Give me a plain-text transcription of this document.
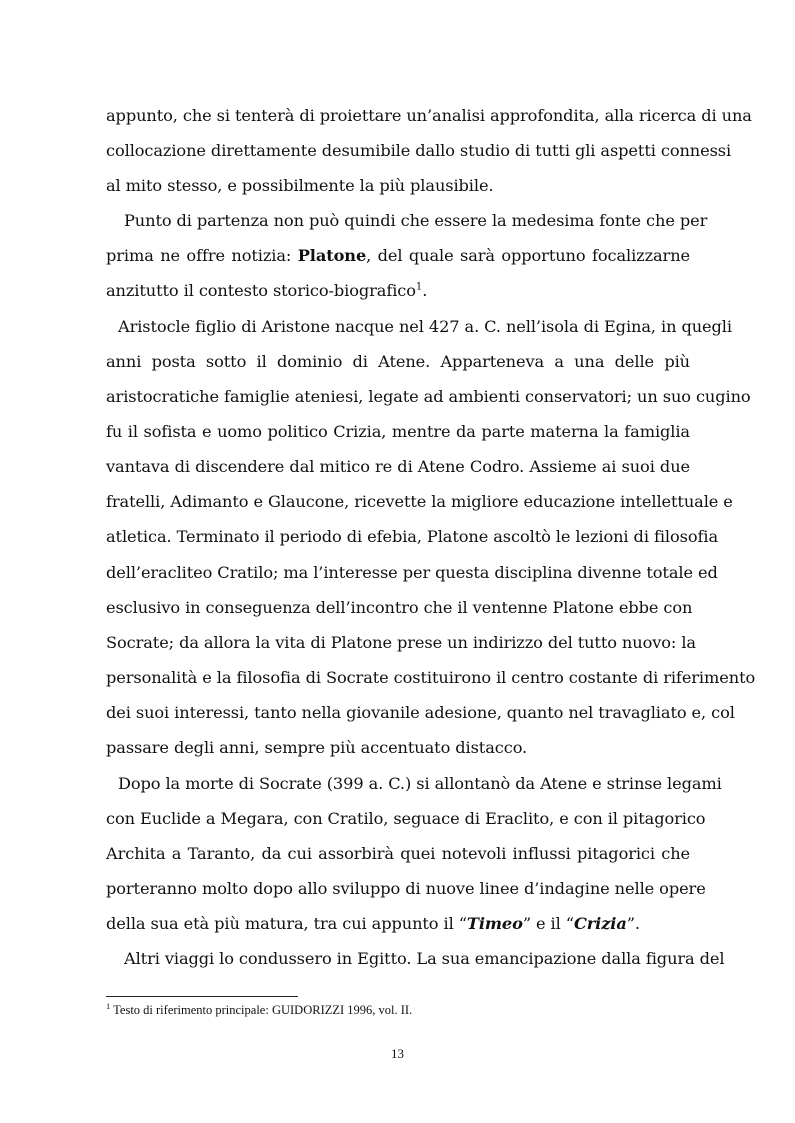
appunto, che si tenterà di proiettare un’analisi approfondita, alla ricerca di una
collocazione direttamente desumibile dallo studio di tutti gli aspetti connessi
al mito stesso, e possibilmente la più plausibile.
Punto di partenza non può quindi che essere la medesima fonte che per
prima ne offre notizia: Platone, del quale sarà opportuno focalizzarne
anzitutto il contesto storico-biografico$^1$.
Aristocle figlio di Aristone nacque nel 427 a. C. nell’isola di Egina, in quegli
anni posta sotto il dominio di Atene. Apparteneva a una delle più
aristocratiche famiglie ateniesi, legate ad ambienti conservatori; un suo cugino
fu il sofista e uomo politico Crizia, mentre da parte materna la famiglia
vantava di discendere dal mitico re di Atene Codro. Assieme ai suoi due
fratelli, Adimanto e Glaucone, ricevette la migliore educazione intellettuale e
atletica. Terminato il periodo di efebia, Platone ascoltò le lezioni di filosofia
dell’eracliteo Cratilo; ma l’interesse per questa disciplina divenne totale ed
esclusivo in conseguenza dell’incontro che il ventenne Platone ebbe con
Socrate; da allora la vita di Platone prese un indirizzo del tutto nuovo: la
personalità e la filosofia di Socrate costituirono il centro costante di riferimento
dei suoi interessi, tanto nella giovanile adesione, quanto nel travagliato e, col
passare degli anni, sempre più accentuato distacco.
Dopo la morte di Socrate (399 a. C.) si allontanò da Atene e strinse legami
con Euclide a Megara, con Cratilo, seguace di Eraclito, e con il pitagorico
Archita a Taranto, da cui assorbirà quei notevoli influssi pitagorici che
porteranno molto dopo allo sviluppo di nuove linee d’indagine nelle opere
della sua età più matura, tra cui appunto il “Timeo” e il “Crizia”.
Altri viaggi lo condussero in Egitto. La sua emancipazione dalla figura del
$^1$ Testo di riferimento principale: GUIDORIZZI 1996, vol. II.
13
